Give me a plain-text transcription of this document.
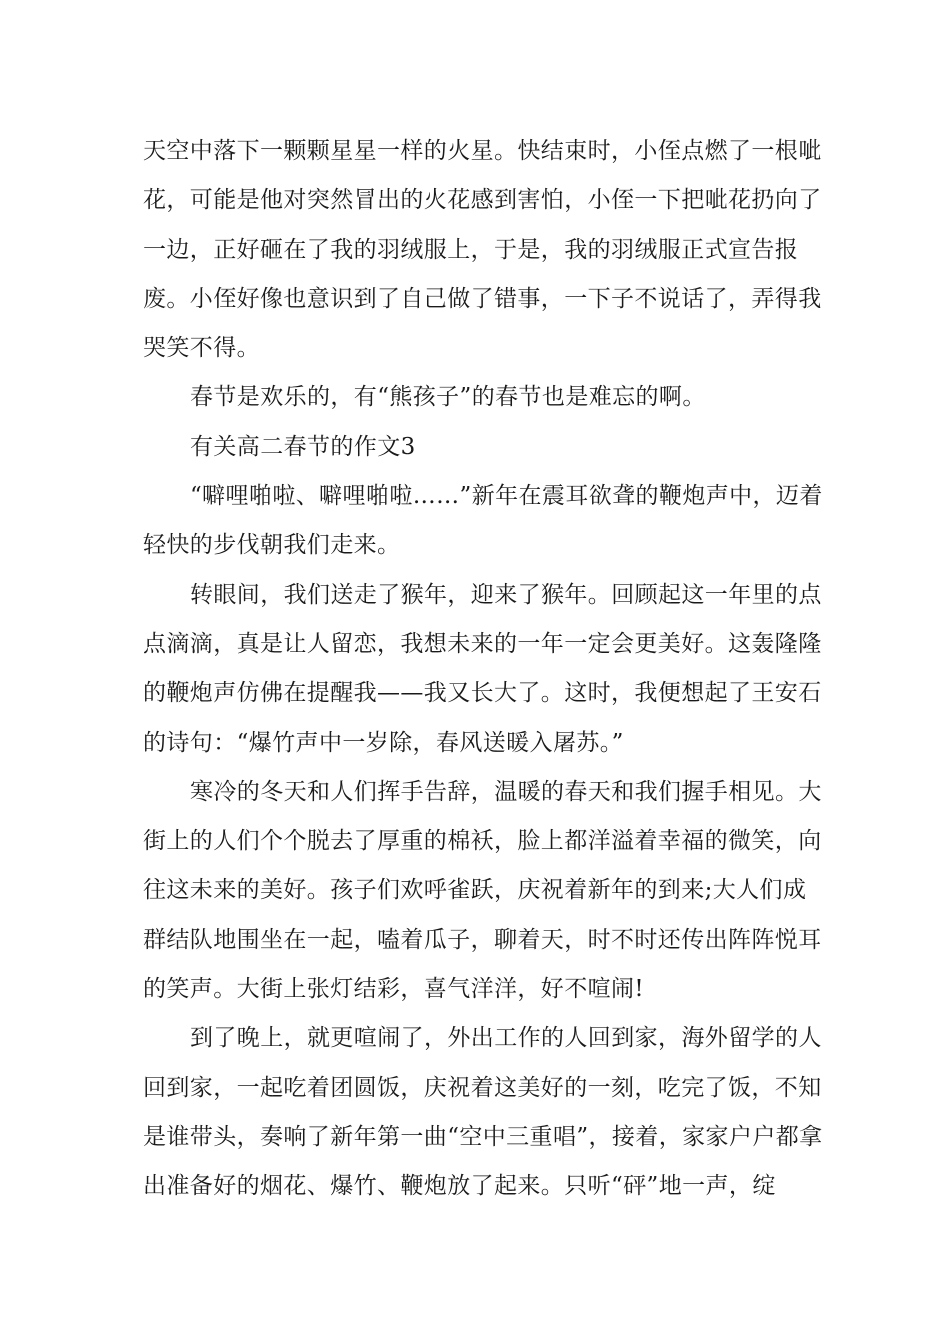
天空中落下一颗颗星星一样的火星。快结束时，小侄点燃了一根呲花，可能是他对突然冒出的火花感到害怕，小侄一下把呲花扔向了一边，正好砸在了我的羽绒服上，于是，我的羽绒服正式宣告报废。小侄好像也意识到了自己做了错事，一下子不说话了，弄得我哭笑不得。

春节是欢乐的，有“熊孩子”的春节也是难忘的啊。

有关高二春节的作文3

“噼哩啪啦、噼哩啪啦……”新年在震耳欲聋的鞭炮声中，迈着轻快的步伐朝我们走来。

转眼间，我们送走了猴年，迎来了猴年。回顾起这一年里的点点滴滴，真是让人留恋，我想未来的一年一定会更美好。这轰隆隆的鞭炮声仿佛在提醒我——我又长大了。这时，我便想起了王安石的诗句：“爆竹声中一岁除，春风送暖入屠苏。”

寒冷的冬天和人们挥手告辞，温暖的春天和我们握手相见。大街上的人们个个脱去了厚重的棉袄，脸上都洋溢着幸福的微笑，向往这未来的美好。孩子们欢呼雀跃，庆祝着新年的到来;大人们成群结队地围坐在一起，嗑着瓜子，聊着天，时不时还传出阵阵悦耳的笑声。大街上张灯结彩，喜气洋洋，好不喧闹!

到了晚上，就更喧闹了，外出工作的人回到家，海外留学的人回到家，一起吃着团圆饭，庆祝着这美好的一刻，吃完了饭，不知是谁带头，奏响了新年第一曲“空中三重唱”，接着，家家户户都拿出准备好的烟花、爆竹、鞭炮放了起来。只听“砰”地一声，绽
